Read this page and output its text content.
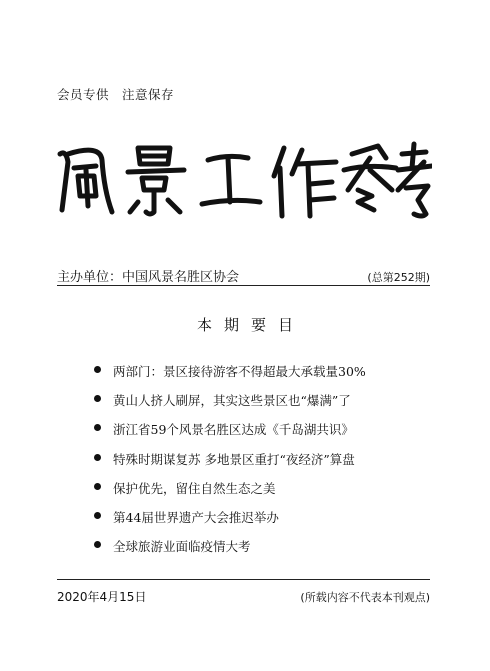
会员专供　注意保存
主办单位：中国风景名胜区协会	(总第252期)
本期要目
两部门：景区接待游客不得超最大承载量30%
黄山人挤人刷屏，其实这些景区也“爆满”了
浙江省59个风景名胜区达成《千岛湖共识》
特殊时期谋复苏 多地景区重打“夜经济”算盘
保护优先，留住自然生态之美
第44届世界遗产大会推迟举办
全球旅游业面临疫情大考
2020年4月15日	(所载内容不代表本刊观点)
